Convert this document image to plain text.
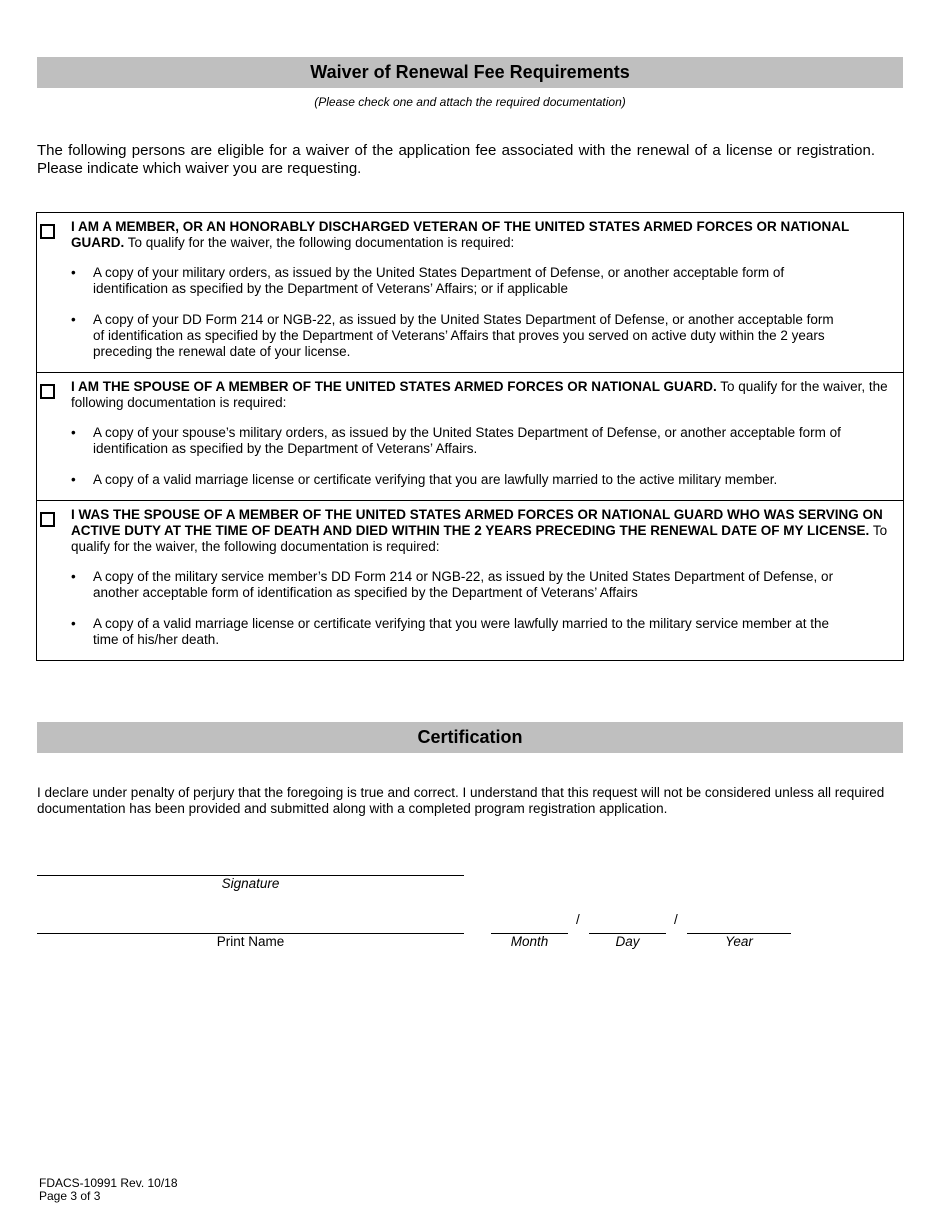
Waiver of Renewal Fee Requirements
(Please check one and attach the required documentation)
The following persons are eligible for a waiver of the application fee associated with the renewal of a license or registration. Please indicate which waiver you are requesting.
I AM A MEMBER, OR AN HONORABLY DISCHARGED VETERAN OF THE UNITED STATES ARMED FORCES OR NATIONAL GUARD. To qualify for the waiver, the following documentation is required:
• A copy of your military orders, as issued by the United States Department of Defense, or another acceptable form of identification as specified by the Department of Veterans’ Affairs; or if applicable
• A copy of your DD Form 214 or NGB-22, as issued by the United States Department of Defense, or another acceptable form of identification as specified by the Department of Veterans’ Affairs that proves you served on active duty within the 2 years preceding the renewal date of your license.
I AM THE SPOUSE OF A MEMBER OF THE UNITED STATES ARMED FORCES OR NATIONAL GUARD. To qualify for the waiver, the following documentation is required:
• A copy of your spouse’s military orders, as issued by the United States Department of Defense, or another acceptable form of identification as specified by the Department of Veterans’ Affairs.
• A copy of a valid marriage license or certificate verifying that you are lawfully married to the active military member.
I WAS THE SPOUSE OF A MEMBER OF THE UNITED STATES ARMED FORCES OR NATIONAL GUARD WHO WAS SERVING ON ACTIVE DUTY AT THE TIME OF DEATH AND DIED WITHIN THE 2 YEARS PRECEDING THE RENEWAL DATE OF MY LICENSE. To qualify for the waiver, the following documentation is required:
• A copy of the military service member’s DD Form 214 or NGB-22, as issued by the United States Department of Defense, or another acceptable form of identification as specified by the Department of Veterans’ Affairs
• A copy of a valid marriage license or certificate verifying that you were lawfully married to the military service member at the time of his/her death.
Certification
I declare under penalty of perjury that the foregoing is true and correct. I understand that this request will not be considered unless all required documentation has been provided and submitted along with a completed program registration application.
Signature
Print Name
/	/
Month	Day	Year
FDACS-10991 Rev. 10/18
Page 3 of 3
